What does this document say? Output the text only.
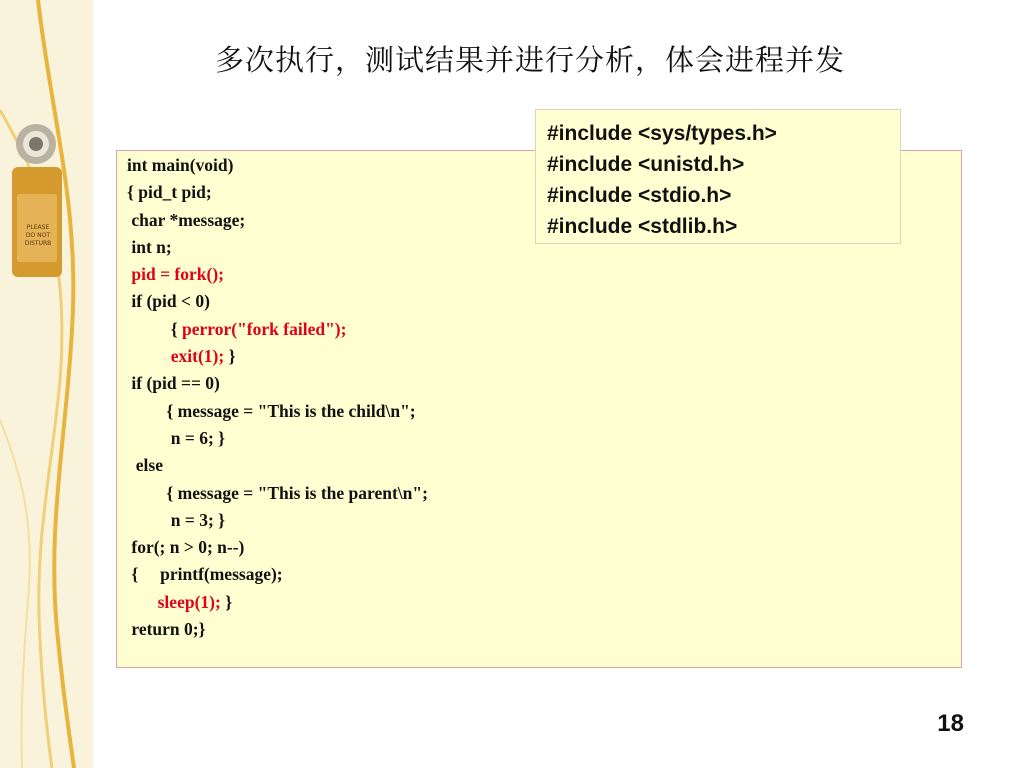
PLEASE
DO NOT
DISTURB
多次执行，测试结果并进行分析，体会进程并发
int main(void)
{ pid_t pid;
char *message;
int n;
pid = fork();
if (pid < 0)
{ perror("fork failed");
exit(1); }
if (pid == 0)
{ message = "This is the child\n";
n = 6; }
else
{ message = "This is the parent\n";
n = 3; }
for(; n > 0; n--)
{     printf(message);
sleep(1); }
return 0;}
#include <sys/types.h>
#include <unistd.h>
#include <stdio.h>
#include <stdlib.h>
18
